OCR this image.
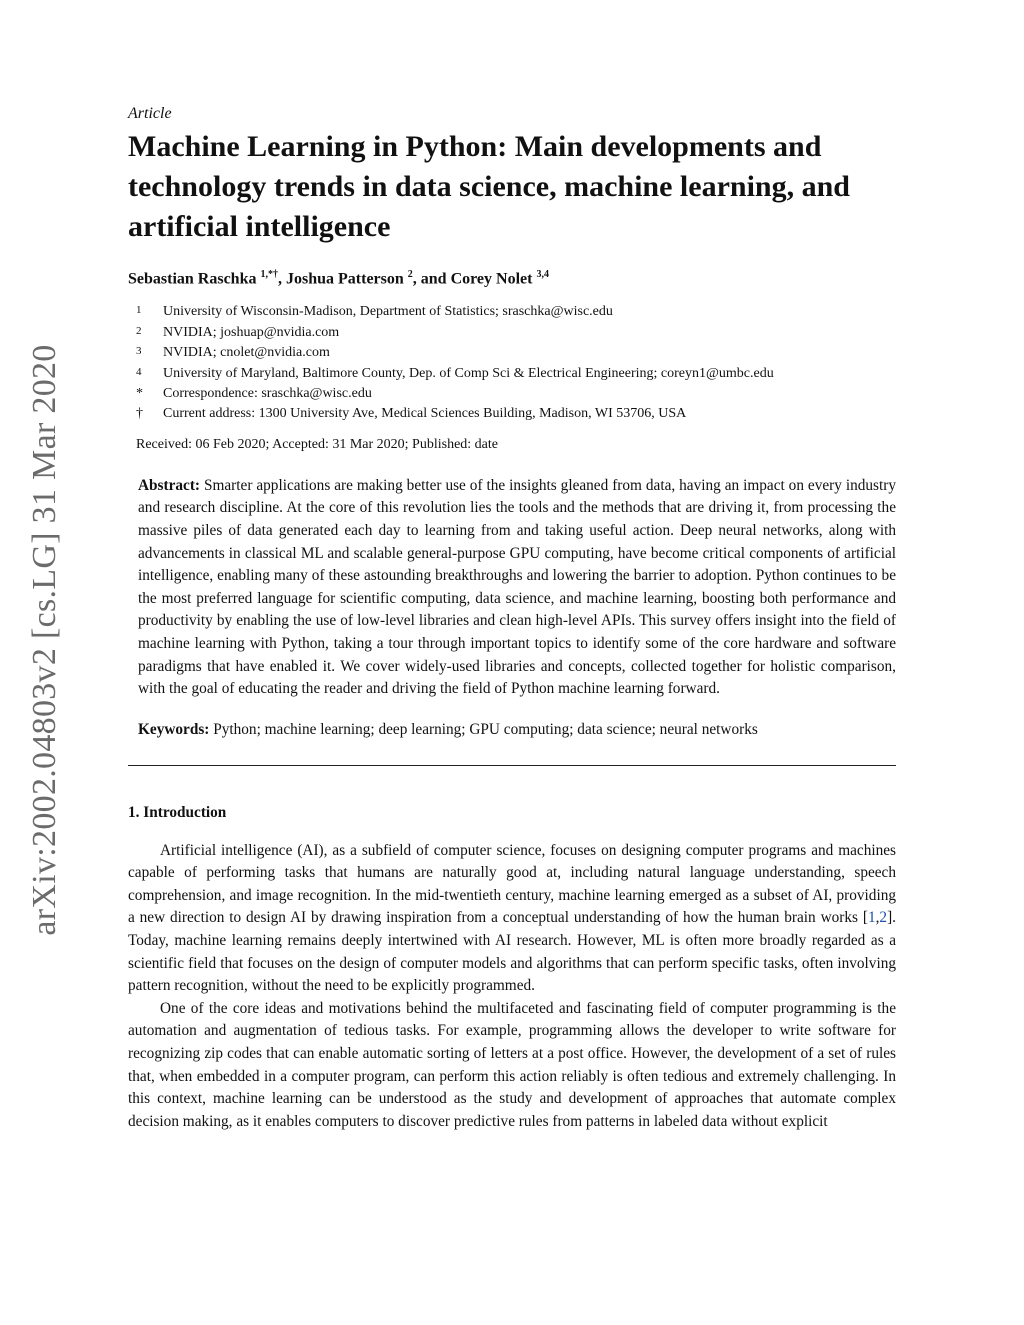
arXiv:2002.04803v2 [cs.LG] 31 Mar 2020
Article
Machine Learning in Python: Main developments and technology trends in data science, machine learning, and artificial intelligence
Sebastian Raschka $^{1,*\dagger}$, Joshua Patterson $^2$, and Corey Nolet $^{3,4}$
1	University of Wisconsin-Madison, Department of Statistics; sraschka@wisc.edu
2	NVIDIA; joshuap@nvidia.com
3	NVIDIA; cnolet@nvidia.com
4	University of Maryland, Baltimore County, Dep. of Comp Sci & Electrical Engineering; coreyn1@umbc.edu
*	Correspondence: sraschka@wisc.edu
†	Current address: 1300 University Ave, Medical Sciences Building, Madison, WI 53706, USA
Received: 06 Feb 2020; Accepted: 31 Mar 2020; Published: date
Abstract: Smarter applications are making better use of the insights gleaned from data, having an impact on every industry and research discipline. At the core of this revolution lies the tools and the methods that are driving it, from processing the massive piles of data generated each day to learning from and taking useful action. Deep neural networks, along with advancements in classical ML and scalable general-purpose GPU computing, have become critical components of artificial intelligence, enabling many of these astounding breakthroughs and lowering the barrier to adoption. Python continues to be the most preferred language for scientific computing, data science, and machine learning, boosting both performance and productivity by enabling the use of low-level libraries and clean high-level APIs. This survey offers insight into the field of machine learning with Python, taking a tour through important topics to identify some of the core hardware and software paradigms that have enabled it. We cover widely-used libraries and concepts, collected together for holistic comparison, with the goal of educating the reader and driving the field of Python machine learning forward.
Keywords: Python; machine learning; deep learning; GPU computing; data science; neural networks
1. Introduction

Artificial intelligence (AI), as a subfield of computer science, focuses on designing computer programs and machines capable of performing tasks that humans are naturally good at, including natural language understanding, speech comprehension, and image recognition. In the mid-twentieth century, machine learning emerged as a subset of AI, providing a new direction to design AI by drawing inspiration from a conceptual understanding of how the human brain works [1,2]. Today, machine learning remains deeply intertwined with AI research. However, ML is often more broadly regarded as a scientific field that focuses on the design of computer models and algorithms that can perform specific tasks, often involving pattern recognition, without the need to be explicitly programmed.

One of the core ideas and motivations behind the multifaceted and fascinating field of computer programming is the automation and augmentation of tedious tasks. For example, programming allows the developer to write software for recognizing zip codes that can enable automatic sorting of letters at a post office. However, the development of a set of rules that, when embedded in a computer program, can perform this action reliably is often tedious and extremely challenging. In this context, machine learning can be understood as the study and development of approaches that automate complex decision making, as it enables computers to discover predictive rules from patterns in labeled data without explicit
